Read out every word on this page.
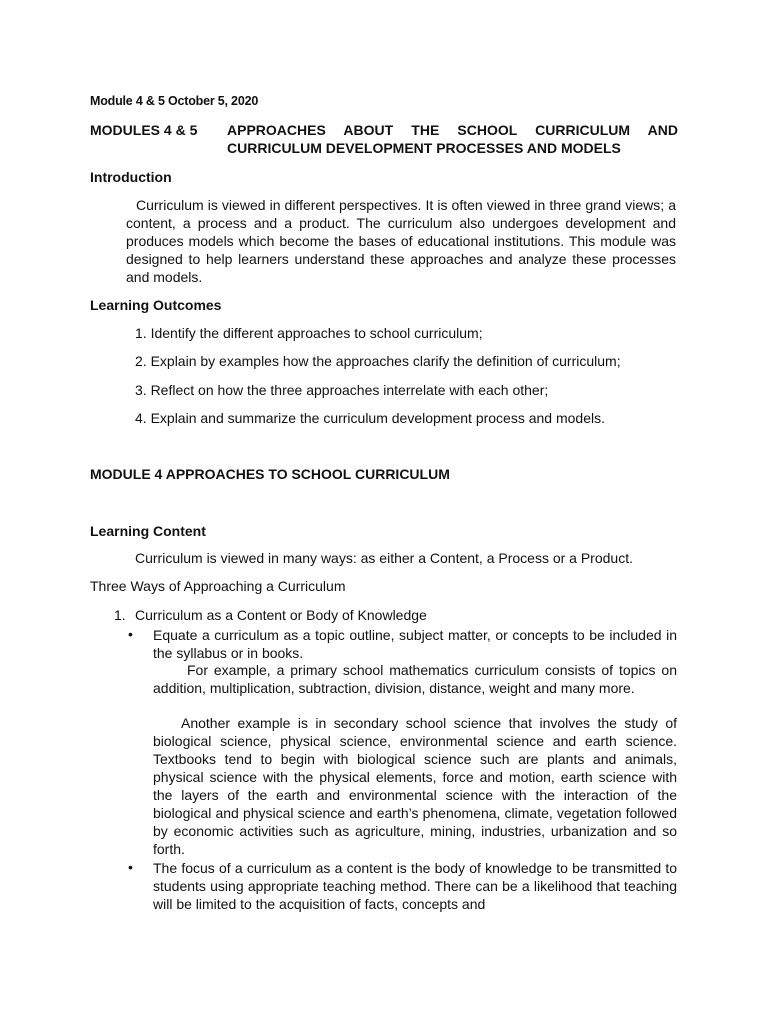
Module 4 & 5 October 5, 2020
MODULES 4 & 5 APPROACHES ABOUT THE SCHOOL CURRICULUM AND
CURRICULUM DEVELOPMENT PROCESSES AND MODELS
Introduction
Curriculum is viewed in different perspectives. It is often viewed in three grand views; a content, a process and a product. The curriculum also undergoes development and produces models which become the bases of educational institutions. This module was designed to help learners understand these approaches and analyze these processes and models.
Learning Outcomes
1. Identify the different approaches to school curriculum;
2. Explain by examples how the approaches clarify the definition of curriculum;
3. Reflect on how the three approaches interrelate with each other;
4. Explain and summarize the curriculum development process and models.
MODULE 4 APPROACHES TO SCHOOL CURRICULUM
Learning Content
Curriculum is viewed in many ways: as either a Content, a Process or a Product.
Three Ways of Approaching a Curriculum
1. Curriculum as a Content or Body of Knowledge
• Equate a curriculum as a topic outline, subject matter, or concepts to be included in the syllabus or in books.
For example, a primary school mathematics curriculum consists of topics on addition, multiplication, subtraction, division, distance, weight and many more.
Another example is in secondary school science that involves the study of biological science, physical science, environmental science and earth science. Textbooks tend to begin with biological science such are plants and animals, physical science with the physical elements, force and motion, earth science with the layers of the earth and environmental science with the interaction of the biological and physical science and earth’s phenomena, climate, vegetation followed by economic activities such as agriculture, mining, industries, urbanization and so forth.
• The focus of a curriculum as a content is the body of knowledge to be transmitted to students using appropriate teaching method. There can be a likelihood that teaching will be limited to the acquisition of facts, concepts and
